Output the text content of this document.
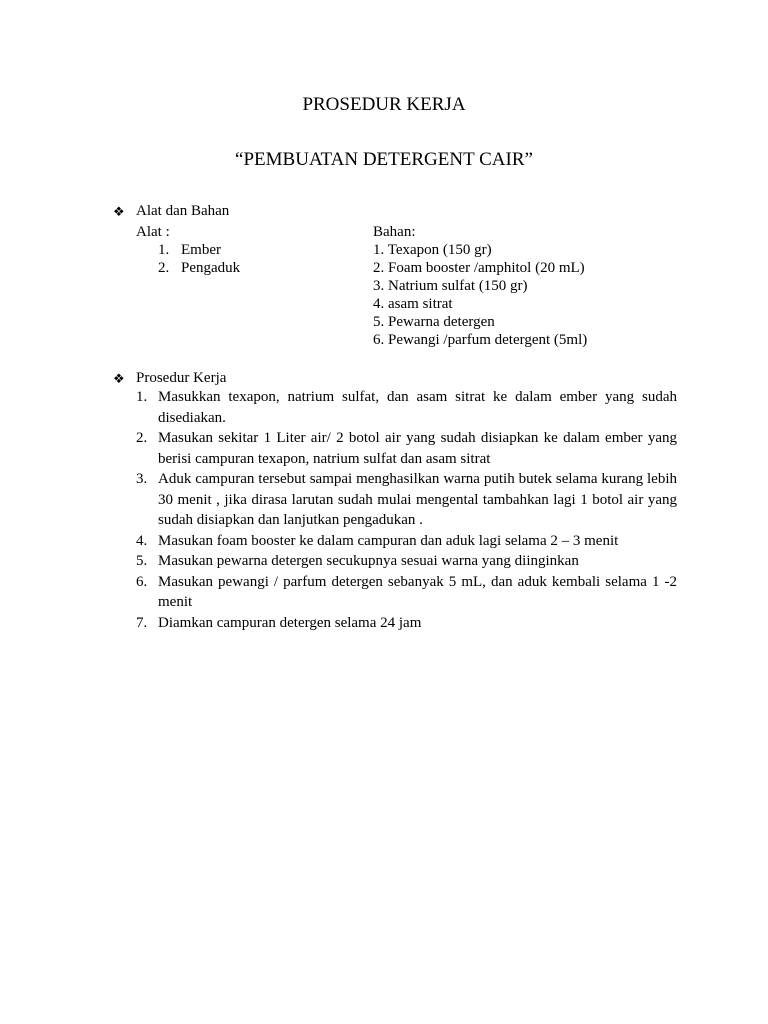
PROSEDUR KERJA
“PEMBUATAN DETERGENT CAIR”
❖ Alat dan Bahan
Alat :
1. Ember
2. Pengaduk
Bahan:
1. Texapon (150 gr)
2. Foam booster /amphitol (20 mL)
3. Natrium sulfat (150 gr)
4. asam sitrat
5. Pewarna detergen
6. Pewangi /parfum detergent (5ml)
❖ Prosedur Kerja
1. Masukkan texapon, natrium sulfat, dan asam sitrat ke dalam ember yang sudah disediakan.
2. Masukan sekitar 1 Liter air/ 2 botol air yang sudah disiapkan ke dalam ember yang berisi campuran texapon, natrium sulfat dan asam sitrat
3. Aduk campuran tersebut sampai menghasilkan warna putih butek selama kurang lebih 30 menit , jika dirasa larutan sudah mulai mengental tambahkan lagi 1 botol air yang sudah disiapkan dan lanjutkan pengadukan .
4. Masukan foam booster ke dalam campuran dan aduk lagi selama 2 – 3 menit
5. Masukan pewarna detergen secukupnya sesuai warna yang diinginkan
6. Masukan pewangi / parfum detergen sebanyak 5 mL, dan aduk kembali selama 1 -2 menit
7. Diamkan campuran detergen selama 24 jam
